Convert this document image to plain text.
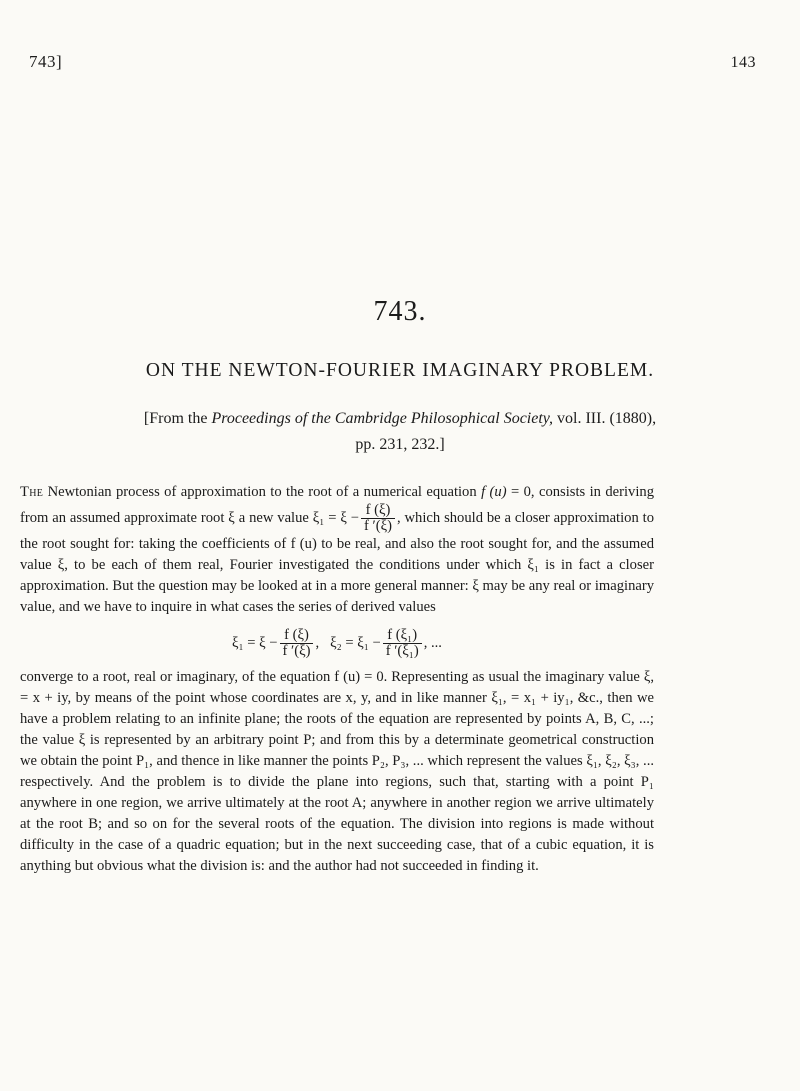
743]	143
743.
ON THE NEWTON-FOURIER IMAGINARY PROBLEM.
[From the Proceedings of the Cambridge Philosophical Society, vol. III. (1880),
pp. 231, 232.]

The Newtonian process of approximation to the root of a numerical equation f (u) = 0, consists in deriving from an assumed approximate root ξ a new value $\xi_1 = \xi - \frac{f (\xi)}{f '(\xi)}$ , which should be a closer approximation to the root sought for: taking the coefficients of f (u) to be real, and also the root sought for, and the assumed value ξ, to be each of them real, Fourier investigated the conditions under which ξ₁ is in fact a closer approximation. But the question may be looked at in a more general manner: ξ may be any real or imaginary value, and we have to inquire in what cases the series of derived values

$\xi_1 = \xi - \frac{f (\xi)}{f '(\xi)}$ , $\xi_2 = \xi_1 - \frac{\text{f (ξ₁)}}{\text{f ′(ξ₁)}}$ , ...

converge to a root, real or imaginary, of the equation f (u) = 0. Representing as usual the imaginary value ξ, = x + iy, by means of the point whose coordinates are x, y, and in like manner ξ₁, = x₁ + iy₁, &c., then we have a problem relating to an infinite plane; the roots of the equation are represented by points A, B, C, ...; the value ξ is represented by an arbitrary point P; and from this by a determinate geometrical construction we obtain the point P₁, and thence in like manner the points P₂, P₃, ... which represent the values ξ₁, ξ₂, ξ₃, ... respectively. And the problem is to divide the plane into regions, such that, starting with a point P₁ anywhere in one region, we arrive ultimately at the root A; anywhere in another region we arrive ultimately at the root B; and so on for the several roots of the equation. The division into regions is made without difficulty in the case of a quadric equation; but in the next succeeding case, that of a cubic equation, it is anything but obvious what the division is: and the author had not succeeded in finding it.
